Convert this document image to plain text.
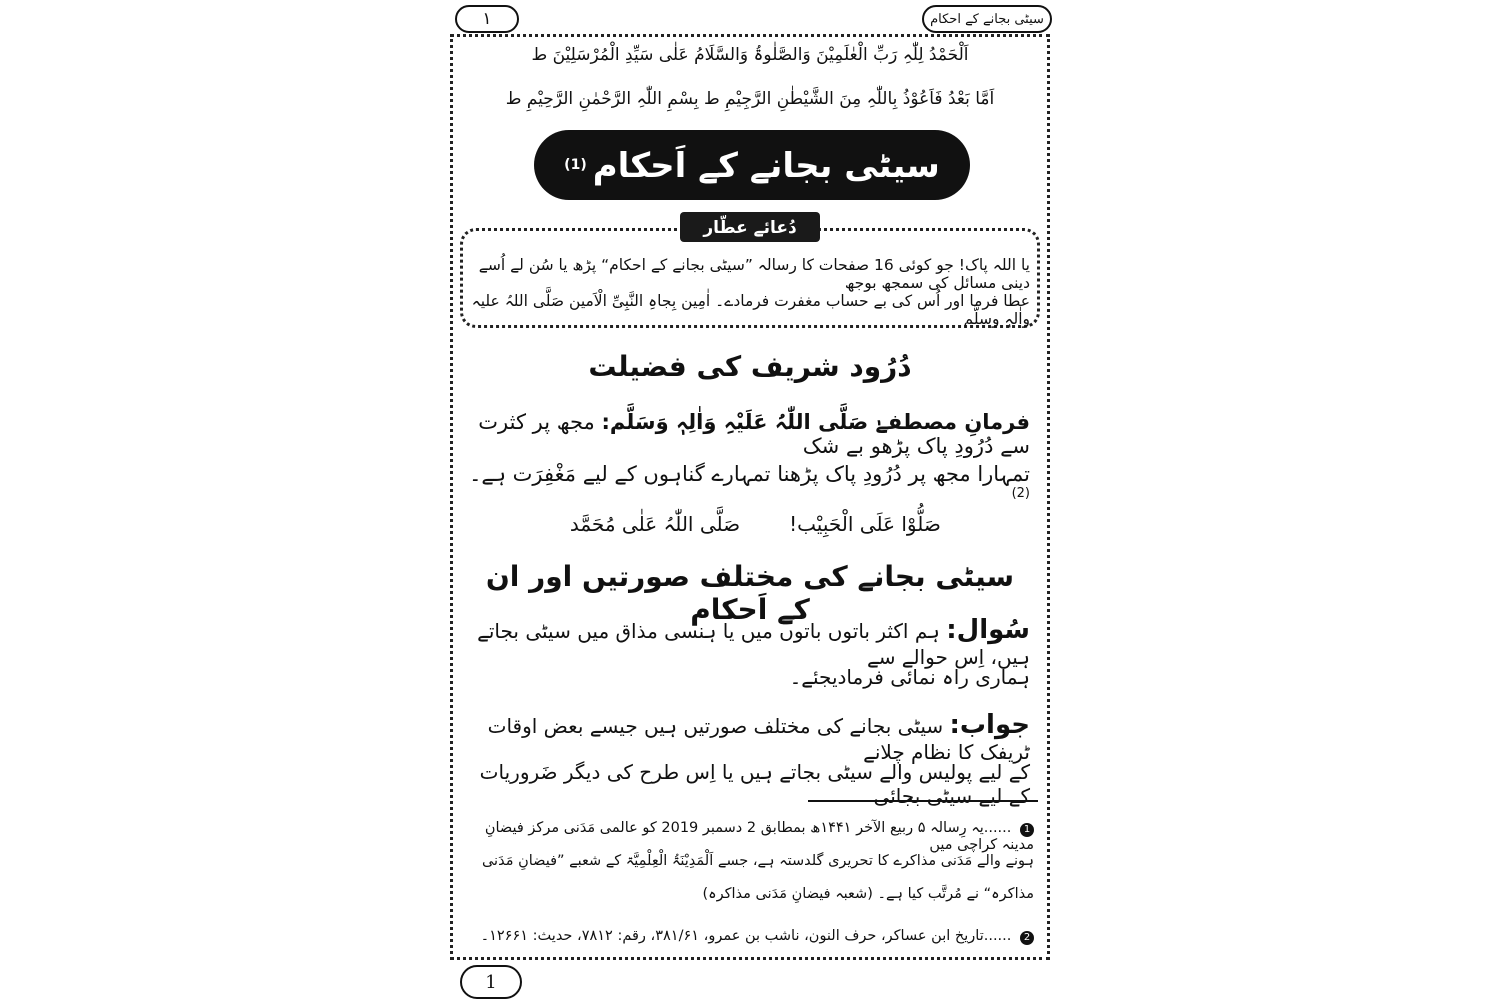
١	سیٹی بجانے کے احکام
اَلْحَمْدُ لِلّٰہِ رَبِّ الْعٰلَمِیْنَ وَالصَّلٰوۃُ وَالسَّلَامُ عَلٰی سَیِّدِ الْمُرْسَلِیْنَ ط
اَمَّا بَعْدُ فَاَعُوْذُ بِاللّٰہِ مِنَ الشَّیْطٰنِ الرَّجِیْمِ ط بِسْمِ اللّٰہِ الرَّحْمٰنِ الرَّحِیْمِ ط
سیٹی بجانے کے اَحکام
(1)
دُعائے عطّار
یا اللہ پاک! جو کوئی 16 صفحات کا رسالہ ”سیٹی بجانے کے احکام“ پڑھ یا سُن لے اُسے دینی مسائل کی سمجھ بوجھ
عطا فرما اور اُس کی بے حساب مغفرت فرمادے۔ اٰمِین بِجاہِ النَّبِیِّ الْاَمین صَلَّی اللہُ علیہ واٰلہٖ وسلَّم
دُرُود شریف کی فضیلت
فرمانِ مصطفےٰ صَلَّی اللّٰہُ عَلَیْہِ وَاٰلِہٖ وَسَلَّم: مجھ پر کثرت سے دُرُودِ پاک پڑھو بے شک
تمہارا مجھ پر دُرُودِ پاک پڑھنا تمہارے گناہوں کے لیے مَغْفِرَت ہے۔ $^{(2)}$
صَلُّوْا عَلَی الْحَبِیْب!
صَلَّی اللّٰہُ عَلٰی مُحَمَّد
سیٹی بجانے کی مختلف صورتیں اور ان کے اَحکام
سُوال: ہم اکثر باتوں باتوں میں یا ہنسی مذاق میں سیٹی بجاتے ہیں، اِس حوالے سے
ہماری راہ نمائی فرمادیجئے۔
جواب: سیٹی بجانے کی مختلف صورتیں ہیں جیسے بعض اوقات ٹریفک کا نظام چلانے
کے لیے پولیس والے سیٹی بجاتے ہیں یا اِس طرح کی دیگر ضَروریات کے لیے سیٹی بجائی
1 ......یہ رِسالہ ۵ ربیع الآخر ۱۴۴۱ھ بمطابق 2 دسمبر 2019 کو عالمی مَدَنی مرکز فیضانِ مدینہ کراچی میں
ہونے والے مَدَنی مذاکرے کا تحریری گلدستہ ہے، جسے اَلْمَدِیْنَۃُ الْعِلْمِیَّۃ کے شعبے ”فیضانِ مَدَنی
مذاکرہ“ نے مُرتَّب کیا ہے۔ (شعبہ فیضانِ مَدَنی مذاکرہ)
2 ......تاریخ ابن عساکر، حرف النون، ناشب بن عمرو، ۳۸۱/۶۱، رقم: ۷۸۱۲، حدیث: ۱۲۶۶۱۔
1
